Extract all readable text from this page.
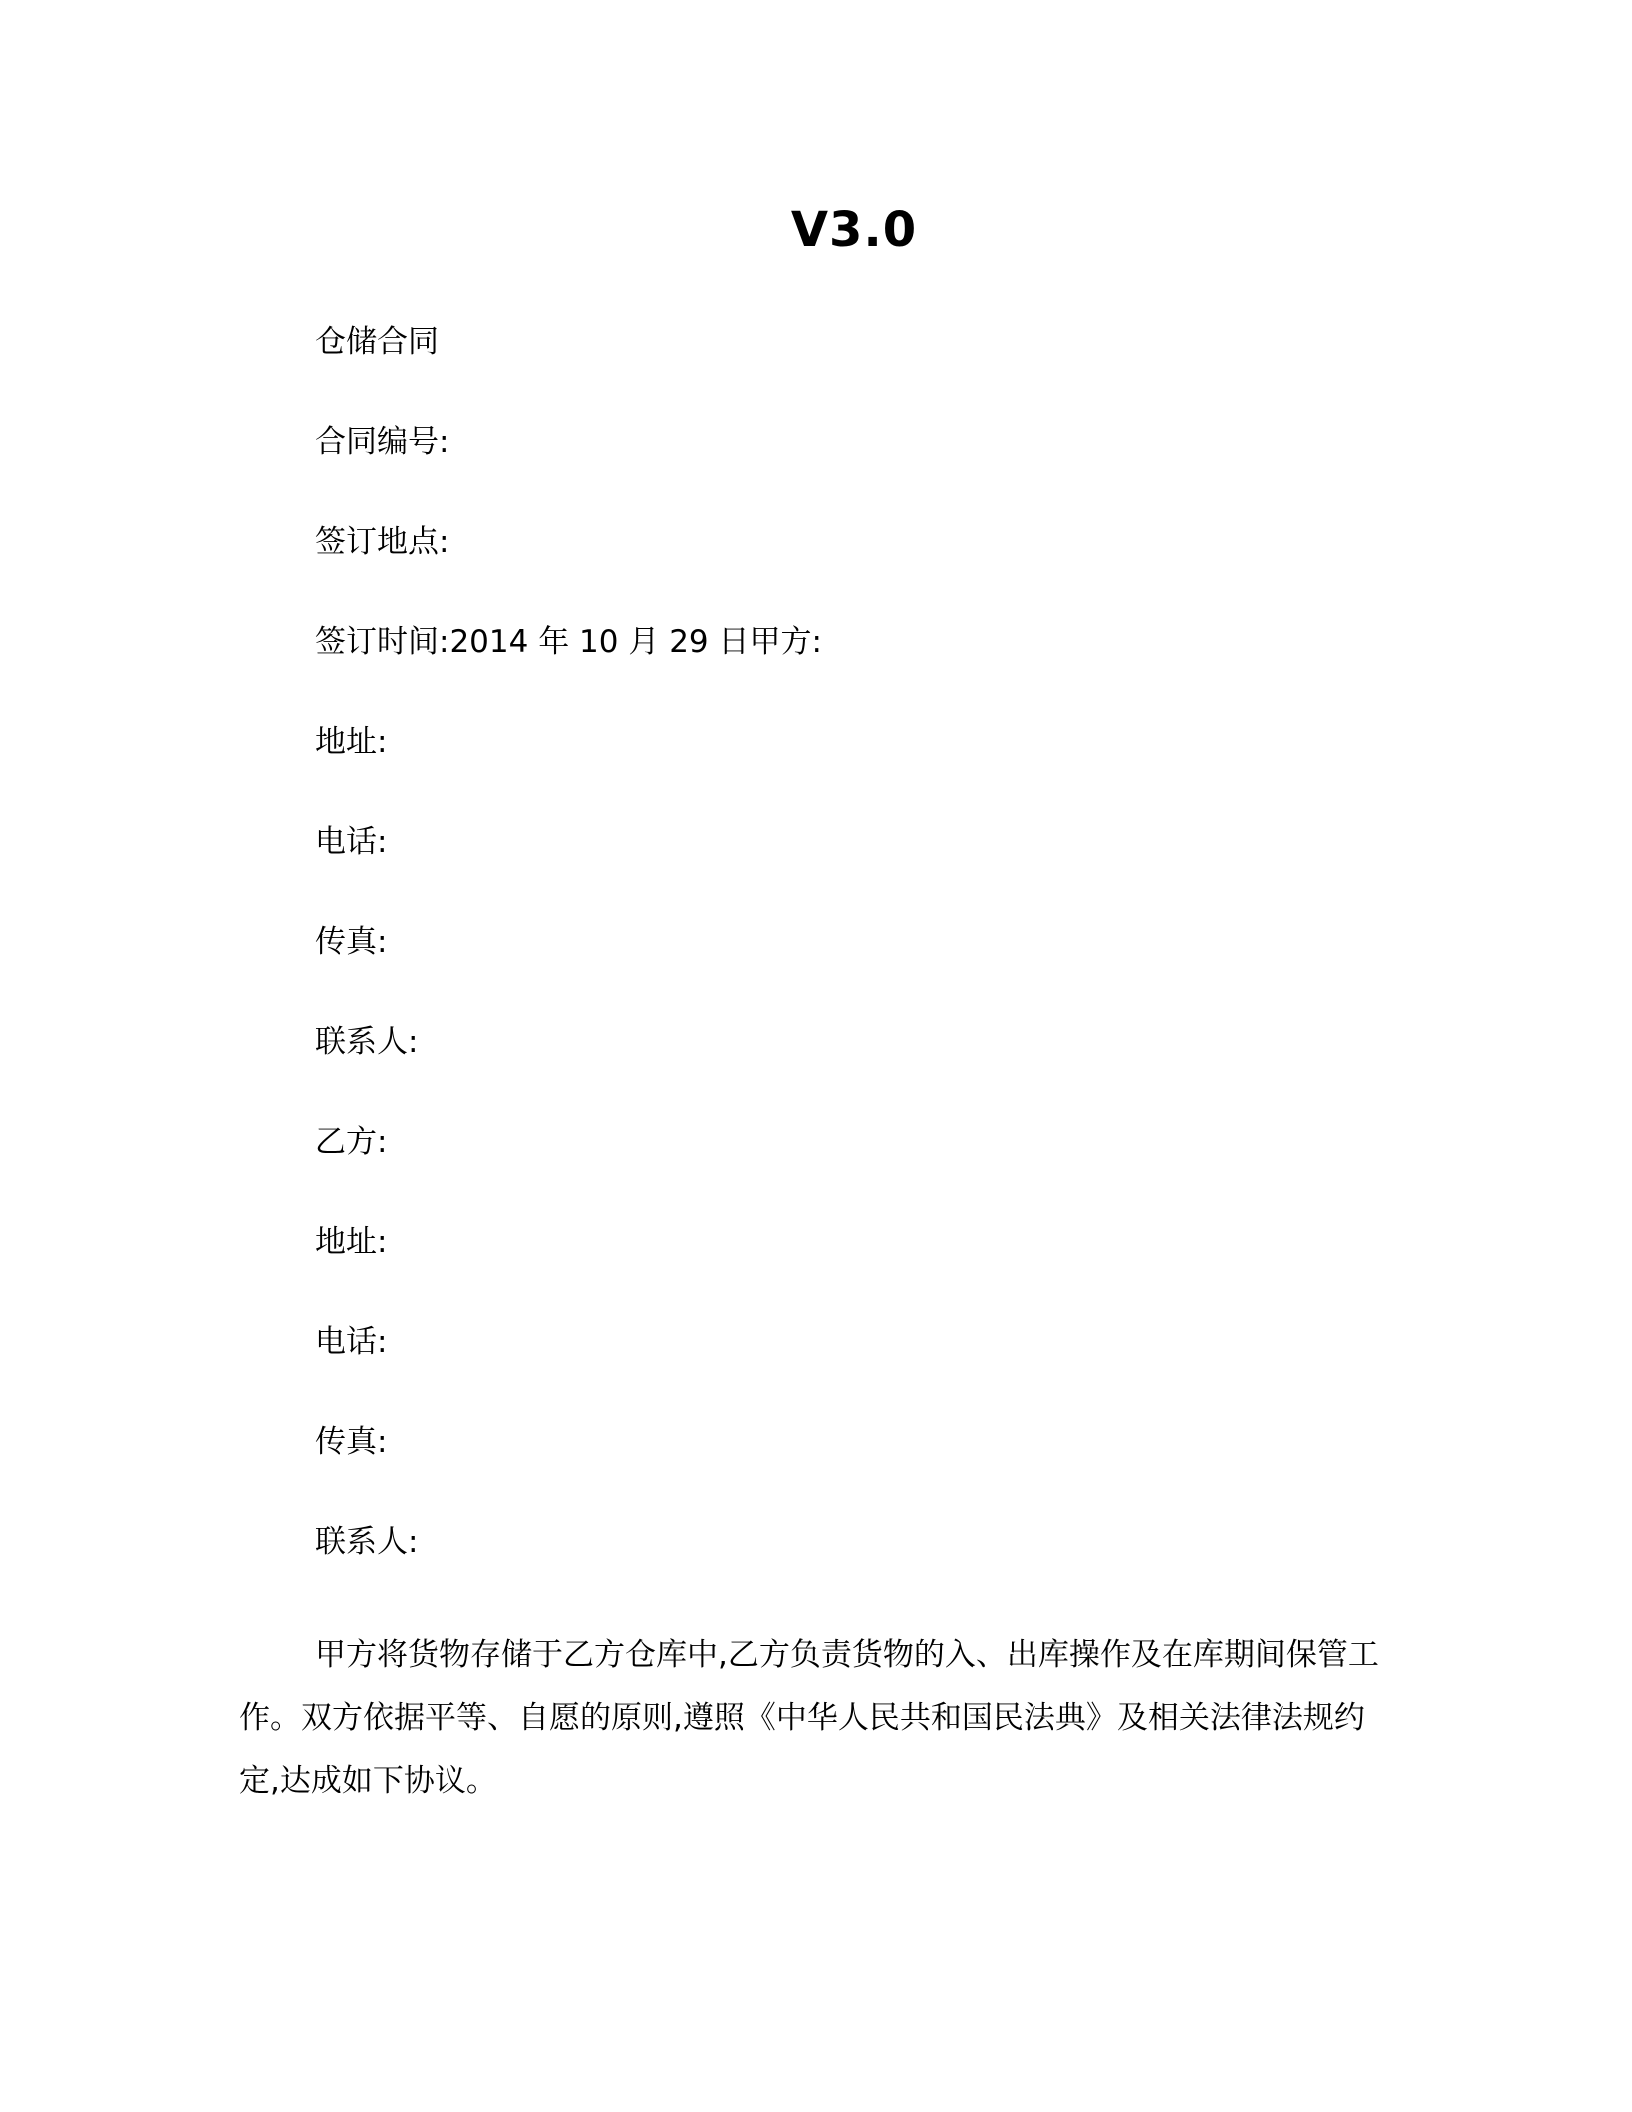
V3.0
仓储合同
合同编号:
签订地点:
签订时间:2014 年 10 月 29 日甲方:
地址:
电话:
传真:
联系人:
乙方:
地址:
电话:
传真:
联系人:

甲方将货物存储于乙方仓库中,乙方负责货物的入、出库操作及在库期间保管工作。双方依据平等、自愿的原则,遵照《中华人民共和国民法典》及相关法律法规约定,达成如下协议。
